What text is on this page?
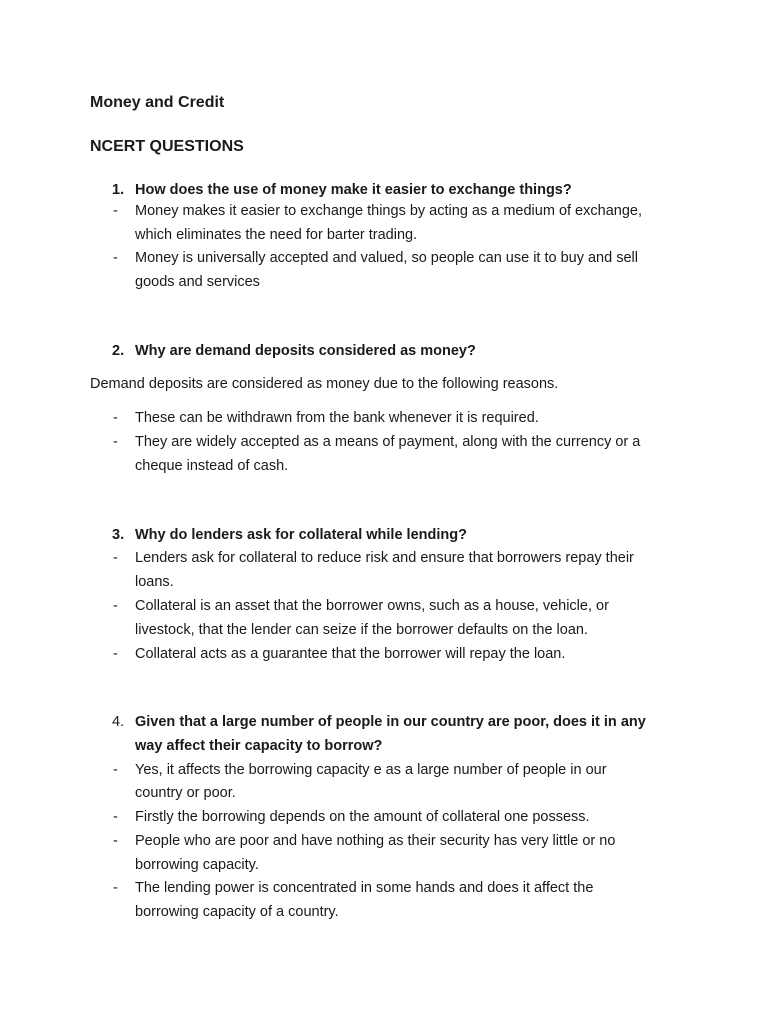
Money and Credit
NCERT QUESTIONS
1. How does the use of money make it easier to exchange things?
- Money makes it easier to exchange things by acting as a medium of exchange,
which eliminates the need for barter trading.
- Money is universally accepted and valued, so people can use it to buy and sell
goods and services
2. Why are demand deposits considered as money?
Demand deposits are considered as money due to the following reasons.
- These can be withdrawn from the bank whenever it is required.
- They are widely accepted as a means of payment, along with the currency or a
cheque instead of cash.
3. Why do lenders ask for collateral while lending?
- Lenders ask for collateral to reduce risk and ensure that borrowers repay their
loans.
- Collateral is an asset that the borrower owns, such as a house, vehicle, or
livestock, that the lender can seize if the borrower defaults on the loan.
- Collateral acts as a guarantee that the borrower will repay the loan.
4. Given that a large number of people in our country are poor, does it in any
way affect their capacity to borrow?
- Yes, it affects the borrowing capacity e as a large number of people in our
country or poor.
- Firstly the borrowing depends on the amount of collateral one possess.
- People who are poor and have nothing as their security has very little or no
borrowing capacity.
- The lending power is concentrated in some hands and does it affect the
borrowing capacity of a country.
